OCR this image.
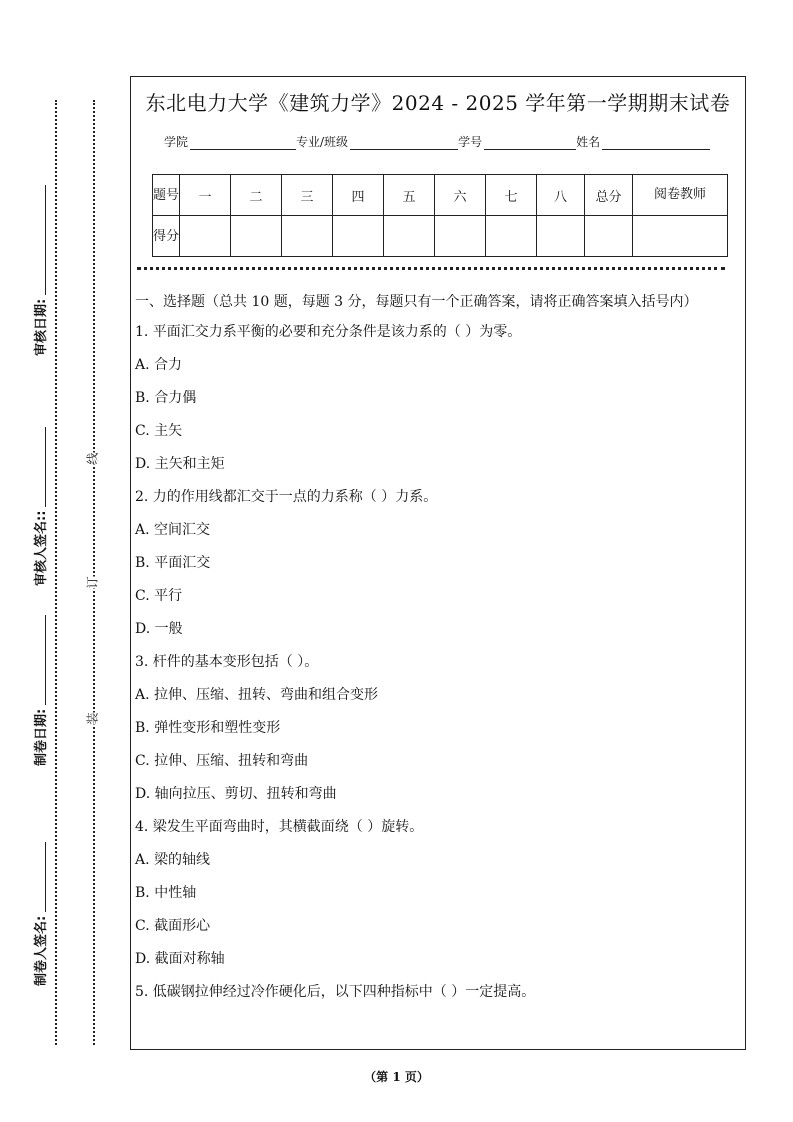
审核日期:
审核人签名::
制卷日期:
制卷人签名:
线
订
装
东北电力大学《建筑力学》2024 - 2025 学年第一学期期末试卷
学院	专业/班级	学号	姓名
题号	一	二	三	四	五	六	七	八	总分	阅卷教师
得分										
一、选择题（总共 10 题，每题 3 分，每题只有一个正确答案，请将正确答案填入括号内）
1. 平面汇交力系平衡的必要和充分条件是该力系的（ ）为零。
A. 合力
B. 合力偶
C. 主矢
D. 主矢和主矩
2. 力的作用线都汇交于一点的力系称（ ）力系。
A. 空间汇交
B. 平面汇交
C. 平行
D. 一般
3. 杆件的基本变形包括（ ）。
A. 拉伸、压缩、扭转、弯曲和组合变形
B. 弹性变形和塑性变形
C. 拉伸、压缩、扭转和弯曲
D. 轴向拉压、剪切、扭转和弯曲
4. 梁发生平面弯曲时，其横截面绕（ ）旋转。
A. 梁的轴线
B. 中性轴
C. 截面形心
D. 截面对称轴
5. 低碳钢拉伸经过冷作硬化后，以下四种指标中（ ）一定提高。
（第 1 页）
